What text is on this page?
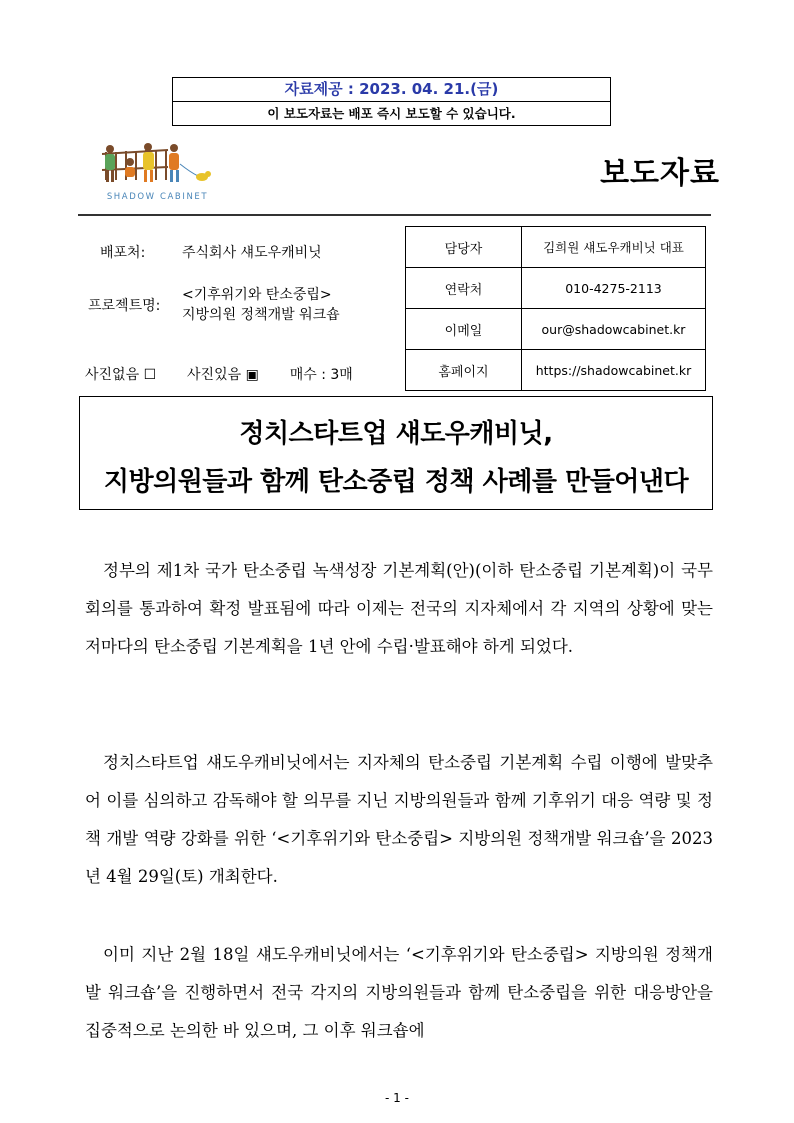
자료제공 : 2023. 04. 21.(금)
이 보도자료는 배포 즉시 보도할 수 있습니다.
SHADOW CABINET
보도자료
배포처:	주식회사 섀도우캐비닛
프로젝트명:
<기후위기와 탄소중립>
지방의원 정책개발 워크숍
사진없음 ☐ 사진있음 ▣ 매수 : 3매
담당자	김희원 섀도우캐비닛 대표
연락처	010-4275-2113
이메일	our@shadowcabinet.kr
홈페이지	https://shadowcabinet.kr
정치스타트업 섀도우캐비닛,
지방의원들과 함께 탄소중립 정책 사례를 만들어낸다

정부의 제1차 국가 탄소중립 녹색성장 기본계획(안)(이하 탄소중립 기본계획)이 국무회의를 통과하여 확정 발표됨에 따라 이제는 전국의 지자체에서 각 지역의 상황에 맞는 저마다의 탄소중립 기본계획을 1년 안에 수립·발표해야 하게 되었다.

정치스타트업 섀도우캐비닛에서는 지자체의 탄소중립 기본계획 수립 이행에 발맞추어 이를 심의하고 감독해야 할 의무를 지닌 지방의원들과 함께 기후위기 대응 역량 및 정책 개발 역량 강화를 위한 ‘<기후위기와 탄소중립> 지방의원 정책개발 워크숍’을 2023년 4월 29일(토) 개최한다.

이미 지난 2월 18일 섀도우캐비닛에서는 ‘<기후위기와 탄소중립> 지방의원 정책개발 워크숍’을 진행하면서 전국 각지의 지방의원들과 함께 탄소중립을 위한 대응방안을 집중적으로 논의한 바 있으며, 그 이후 워크숍에

- 1 -
